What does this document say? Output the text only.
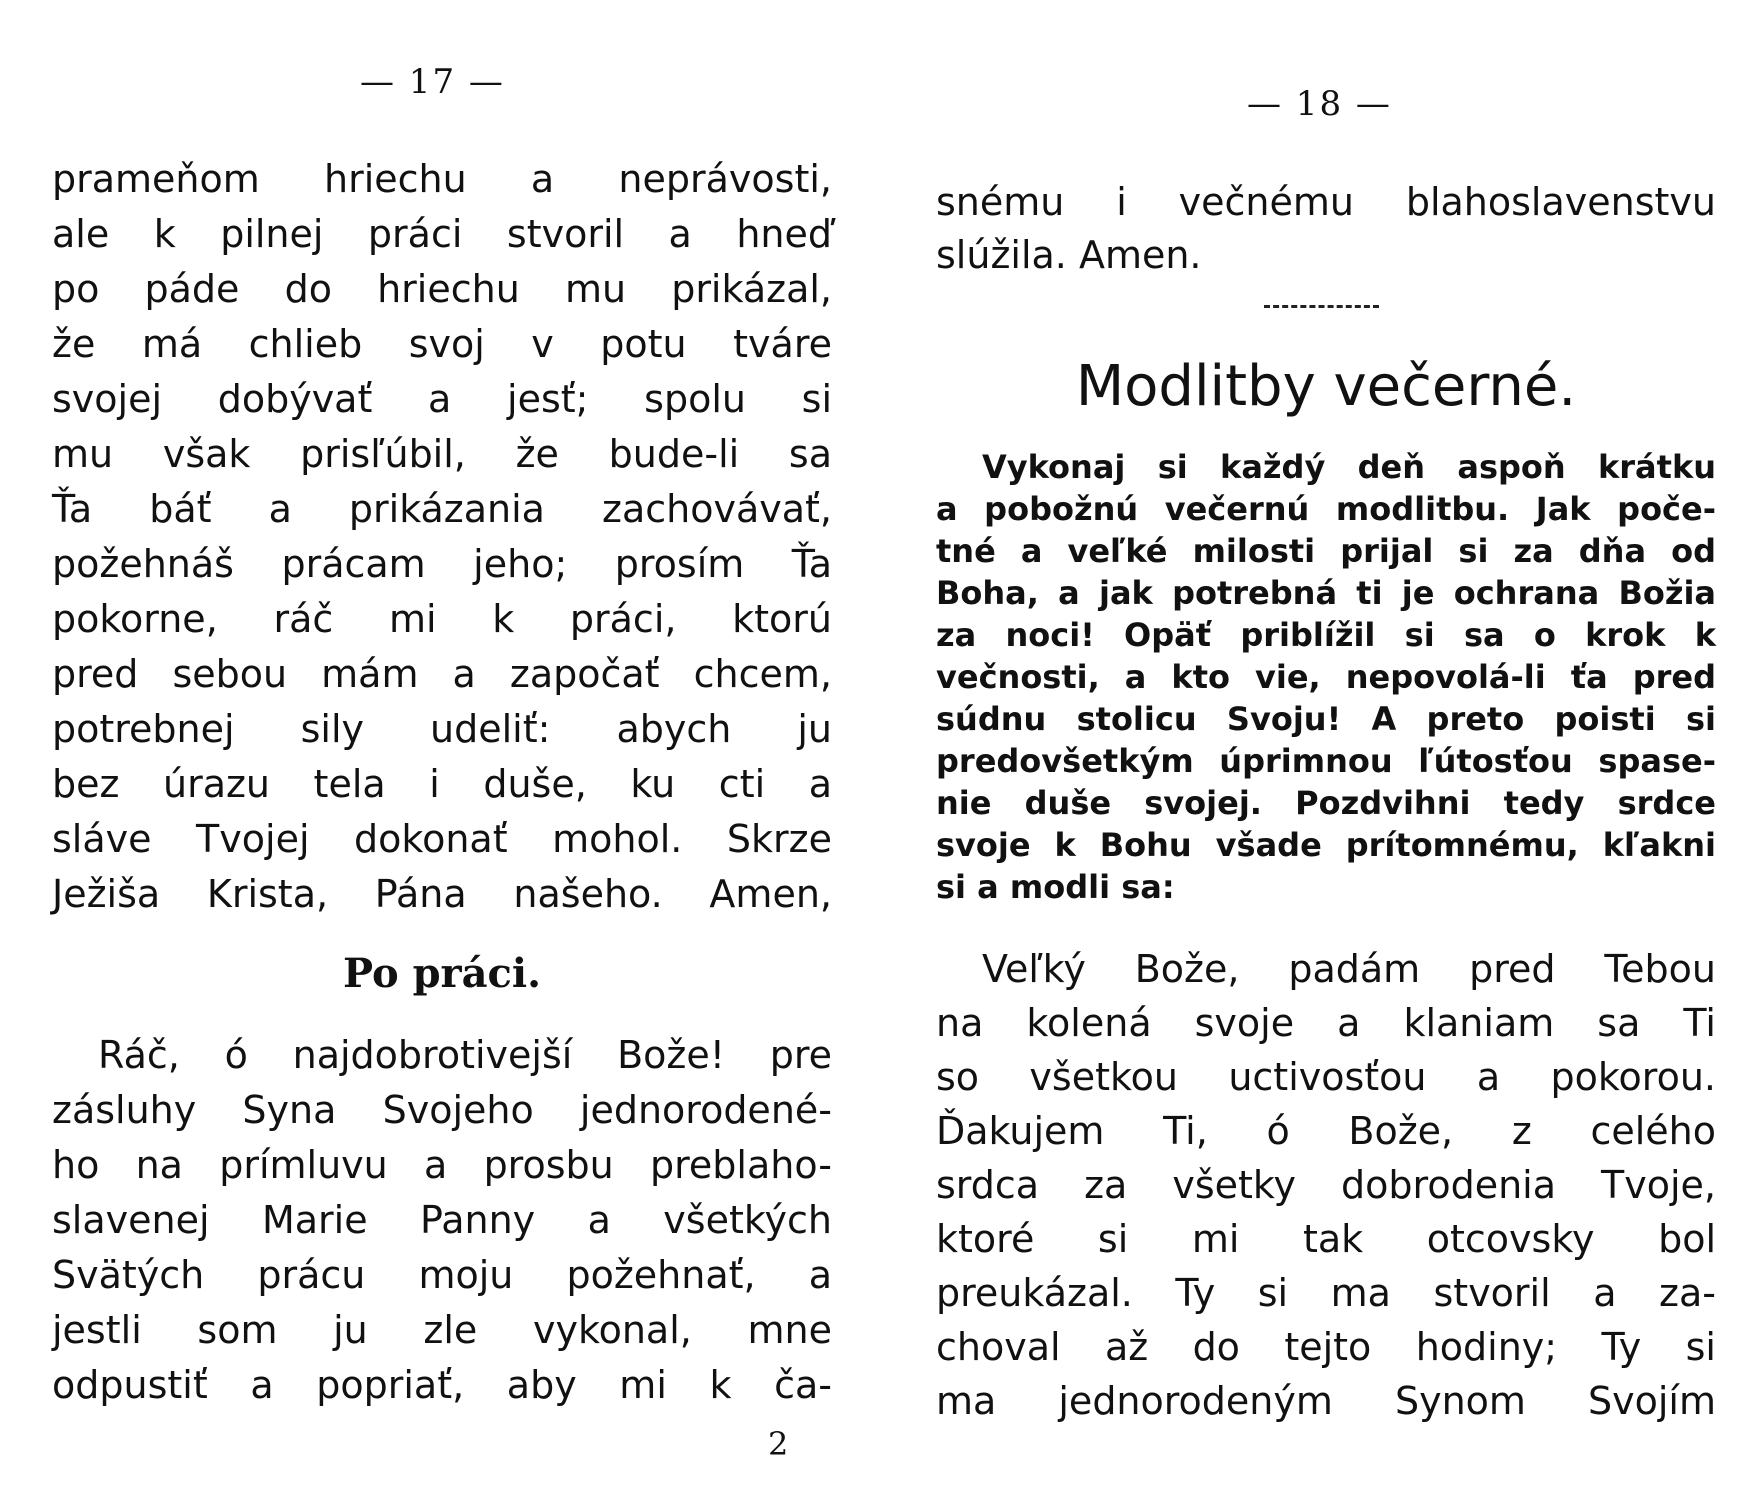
— 17 —
prameňom hriechu a neprávosti,
ale k pilnej práci stvoril a hneď
po páde do hriechu mu prikázal,
že má chlieb svoj v potu tváre
svojej dobývať a jesť; spolu si
mu však prisľúbil, že bude-li sa
Ťa báť a prikázania zachovávať,
požehnáš prácam jeho; prosím Ťa
pokorne, ráč mi k práci, ktorú
pred sebou mám a započať chcem,
potrebnej sily udeliť: abych ju
bez úrazu tela i duše, ku cti a
sláve Tvojej dokonať mohol. Skrze
Ježiša Krista, Pána našeho. Amen,
Po práci.
Ráč, ó najdobrotivejší Bože! pre
zásluhy Syna Svojeho jednorodené-
ho na prímluvu a prosbu preblaho-
slavenej Marie Panny a všetkých
Svätých prácu moju požehnať, a
jestli som ju zle vykonal, mne
odpustiť a popriať, aby mi k ča-
2
— 18 —
snému i večnému blahoslavenstvu
slúžila. Amen.
Modlitby večerné.
Vykonaj si každý deň aspoň krátku
a pobožnú večernú modlitbu. Jak poče-
tné a veľké milosti prijal si za dňa od
Boha, a jak potrebná ti je ochrana Božia
za noci! Opäť priblížil si sa o krok k
večnosti, a kto vie, nepovolá-li ťa pred
súdnu stolicu Svoju! A preto poisti si
predovšetkým úprimnou ľútosťou spase-
nie duše svojej. Pozdvihni tedy srdce
svoje k Bohu všade prítomnému, kľakni
si a modli sa:
Veľký Bože, padám pred Tebou
na kolená svoje a klaniam sa Ti
so všetkou uctivosťou a pokorou.
Ďakujem Ti, ó Bože, z celého
srdca za všetky dobrodenia Tvoje,
ktoré si mi tak otcovsky bol
preukázal. Ty si ma stvoril a za-
choval až do tejto hodiny; Ty si
ma jednorodeným Synom Svojím
